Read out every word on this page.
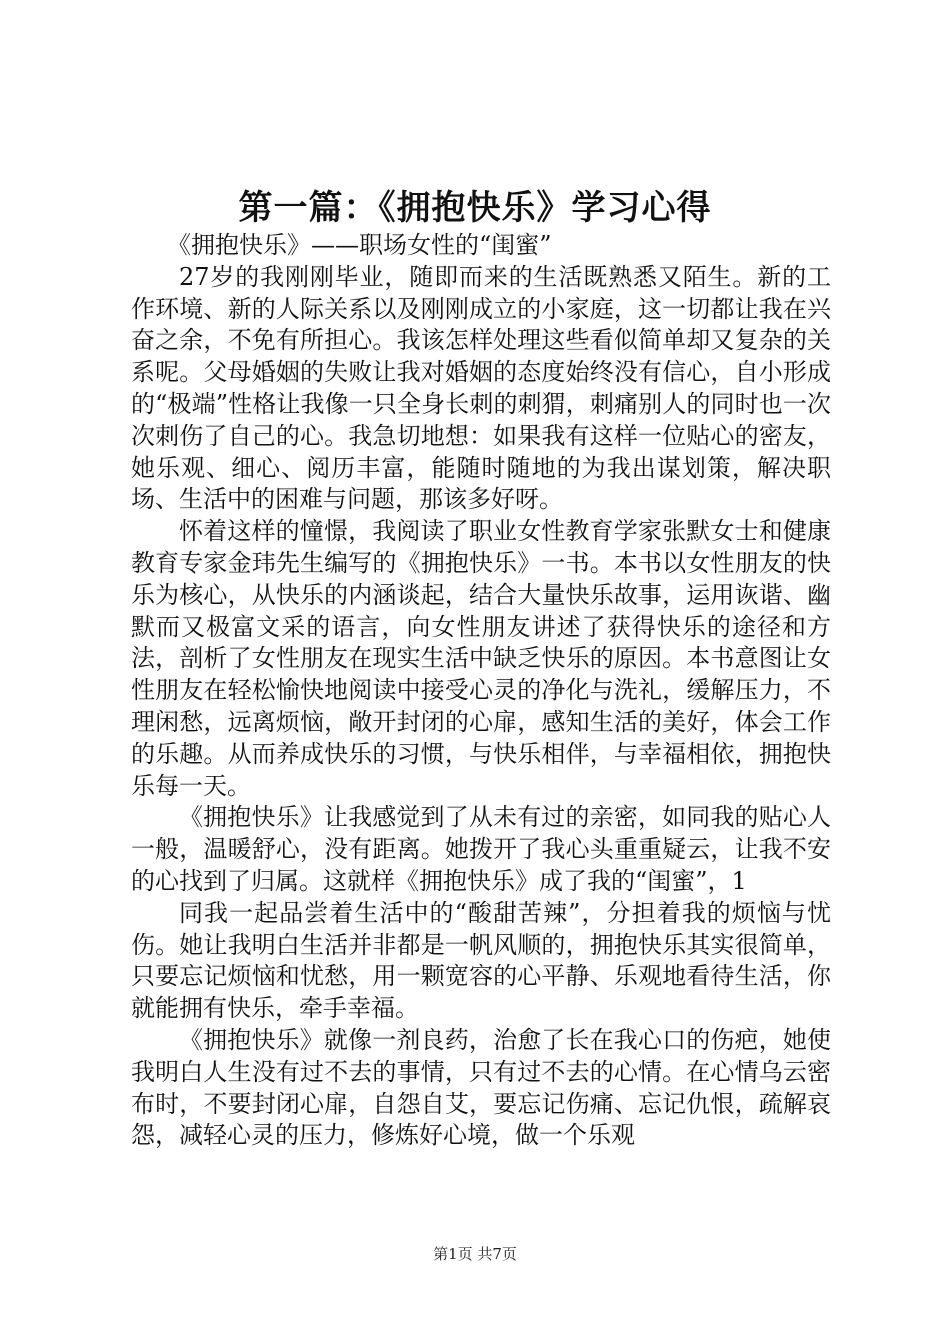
第一篇：《拥抱快乐》学习心得

《拥抱快乐》——职场女性的“闺蜜”

27岁的我刚刚毕业，随即而来的生活既熟悉又陌生。新的工作环境、新的人际关系以及刚刚成立的小家庭，这一切都让我在兴奋之余，不免有所担心。我该怎样处理这些看似简单却又复杂的关系呢。父母婚姻的失败让我对婚姻的态度始终没有信心，自小形成的“极端”性格让我像一只全身长刺的刺猬，刺痛别人的同时也一次次刺伤了自己的心。我急切地想：如果我有这样一位贴心的密友，她乐观、细心、阅历丰富，能随时随地的为我出谋划策，解决职场、生活中的困难与问题，那该多好呀。

怀着这样的憧憬，我阅读了职业女性教育学家张默女士和健康教育专家金玮先生编写的《拥抱快乐》一书。本书以女性朋友的快乐为核心，从快乐的内涵谈起，结合大量快乐故事，运用诙谐、幽默而又极富文采的语言，向女性朋友讲述了获得快乐的途径和方法，剖析了女性朋友在现实生活中缺乏快乐的原因。本书意图让女性朋友在轻松愉快地阅读中接受心灵的净化与洗礼，缓解压力，不理闲愁，远离烦恼，敞开封闭的心扉，感知生活的美好，体会工作的乐趣。从而养成快乐的习惯，与快乐相伴，与幸福相依，拥抱快乐每一天。

《拥抱快乐》让我感觉到了从未有过的亲密，如同我的贴心人一般，温暖舒心，没有距离。她拨开了我心头重重疑云，让我不安的心找到了归属。这就样《拥抱快乐》成了我的“闺蜜”，1

同我一起品尝着生活中的“酸甜苦辣”，分担着我的烦恼与忧伤。她让我明白生活并非都是一帆风顺的，拥抱快乐其实很简单，只要忘记烦恼和忧愁，用一颗宽容的心平静、乐观地看待生活，你就能拥有快乐，牵手幸福。

《拥抱快乐》就像一剂良药，治愈了长在我心口的伤疤，她使我明白人生没有过不去的事情，只有过不去的心情。在心情乌云密布时，不要封闭心扉，自怨自艾，要忘记伤痛、忘记仇恨，疏解哀怨，减轻心灵的压力，修炼好心境，做一个乐观

第1页 共7页
